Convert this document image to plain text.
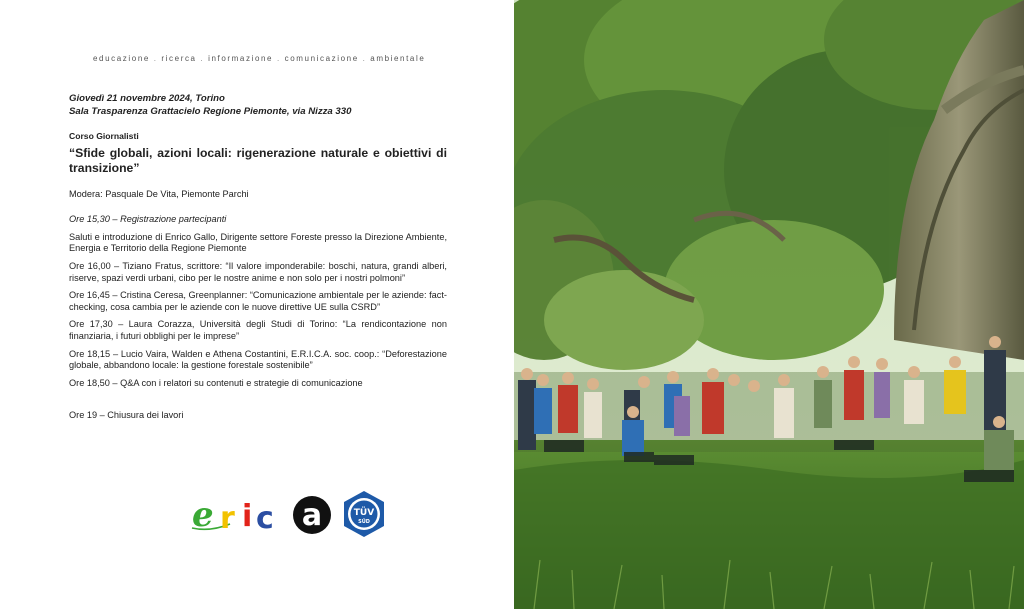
educazione . ricerca . informazione . comunicazione . ambientale
Giovedì 21 novembre 2024, Torino
Sala Trasparenza Grattacielo Regione Piemonte, via Nizza 330
Corso Giornalisti
“Sfide globali, azioni locali: rigenerazione naturale e obiettivi di transizione”
Modera: Pasquale De Vita, Piemonte Parchi
Ore 15,30 – Registrazione partecipanti
Saluti e introduzione di Enrico Gallo, Dirigente settore Foreste presso la Direzione Ambiente, Energia e Territorio della Regione Piemonte
Ore 16,00 – Tiziano Fratus, scrittore: “Il valore imponderabile: boschi, natura, grandi alberi, riserve, spazi verdi urbani, cibo per le nostre anime e non solo per i nostri polmoni”
Ore 16,45 – Cristina Ceresa, Greenplanner: “Comunicazione ambientale per le aziende: fact-checking, cosa cambia per le aziende con le nuove direttive UE sulla CSRD”
Ore 17,30 – Laura Corazza, Università degli Studi di Torino: “La rendicontazione non finanziaria, i futuri obblighi per le imprese”
Ore 18,15 – Lucio Vaira, Walden e Athena Costantini, E.R.I.C.A. soc. coop.: “Deforestazione globale, abbandono locale: la gestione forestale sostenibile”
Ore 18,50 – Q&A con i relatori su contenuti e strategie di comunicazione
Ore 19 – Chiusura dei lavori
e r i c a	TÜV
SÜD
